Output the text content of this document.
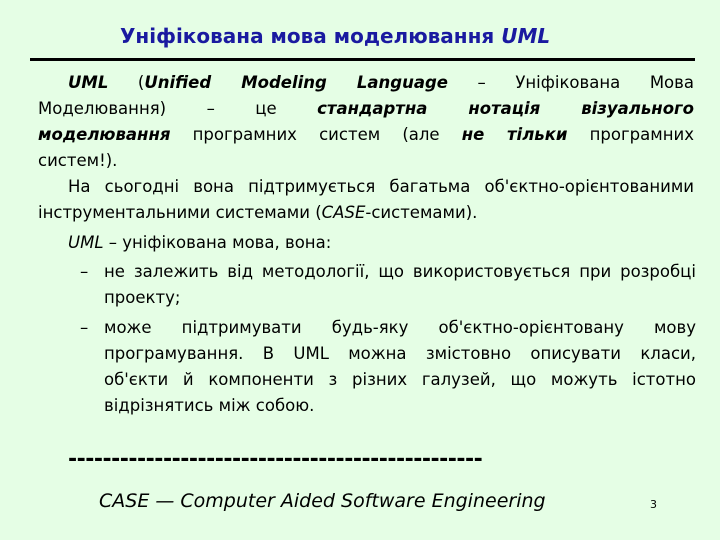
Уніфікована мова моделювання UML
UML (Unified Modeling Language – Уніфікована Мова
Моделювання) – це стандартна нотація візуального
моделювання програмних систем (але не тільки програмних
систем!).
На сьогодні вона підтримується багатьма об'єктно-орієнтованими
інструментальними системами (CASE-системами).
UML – уніфікована мова, вона:
– не залежить від методології, що використовується при розробці
проекту;
– може підтримувати будь-яку об'єктно-орієнтовану мову
програмування. В UML можна змістовно описувати класи,
об'єкти й компоненти з різних галузей, що можуть істотно
відрізнятись між собою.
------------------------------------------------
CASE — Computer Aided Software Engineering	3
